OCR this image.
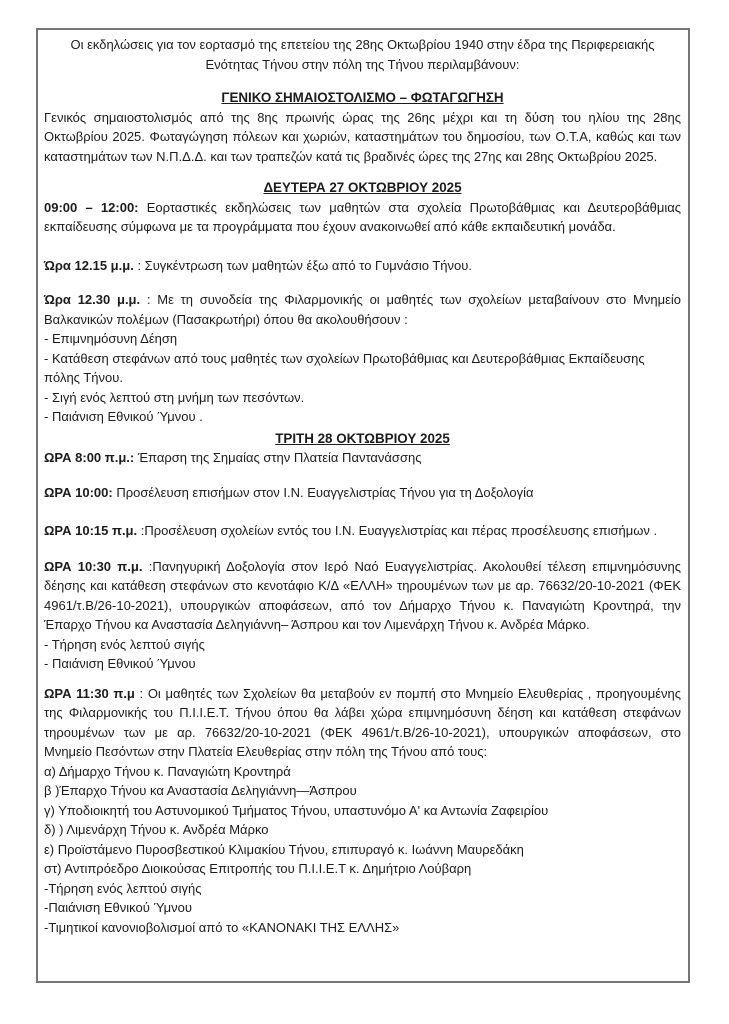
Οι εκδηλώσεις για τον εορτασμό της επετείου της 28ης Οκτωβρίου 1940 στην έδρα της Περιφερειακής Ενότητας Τήνου στην πόλη της Τήνου περιλαμβάνουν:

ΓΕΝΙΚΟ ΣΗΜΑΙΟΣΤΟΛΙΣΜΟ – ΦΩΤΑΓΩΓΗΣΗ

Γενικός σημαιοστολισμός από της 8ης πρωινής ώρας της 26ης μέχρι και τη δύση του ηλίου της 28ης Οκτωβρίου 2025. Φωταγώγηση πόλεων και χωριών, καταστημάτων του δημοσίου, των Ο.Τ.Α, καθώς και των καταστημάτων των Ν.Π.Δ.Δ. και των τραπεζών κατά τις βραδινές ώρες της 27ης και 28ης Οκτωβρίου 2025.

ΔΕΥΤΕΡΑ 27 ΟΚΤΩΒΡΙΟΥ 2025

09:00 – 12:00: Εορταστικές εκδηλώσεις των μαθητών στα σχολεία Πρωτοβάθμιας και Δευτεροβάθμιας εκπαίδευσης σύμφωνα με τα προγράμματα που έχουν ανακοινωθεί από κάθε εκπαιδευτική μονάδα.

Ώρα 12.15 μ.μ. : Συγκέντρωση των μαθητών έξω από το Γυμνάσιο Τήνου.

Ώρα 12.30 μ.μ. : Με τη συνοδεία της Φιλαρμονικής οι μαθητές των σχολείων μεταβαίνουν στο Μνημείο Βαλκανικών πολέμων (Πασακρωτήρι) όπου θα ακολουθήσουν :

- Επιμνημόσυνη Δέηση

- Κατάθεση στεφάνων από τους μαθητές των σχολείων Πρωτοβάθμιας και Δευτεροβάθμιας Εκπαίδευσης πόλης Τήνου.

- Σιγή ενός λεπτού στη μνήμη των πεσόντων.

- Παιάνιση Εθνικού Ύμνου .

ΤΡΙΤΗ 28 ΟΚΤΩΒΡΙΟΥ 2025

ΩΡΑ 8:00 π.μ.: Έπαρση της Σημαίας στην Πλατεία Παντανάσσης

ΩΡΑ 10:00: Προσέλευση επισήμων στον Ι.Ν. Ευαγγελιστρίας Τήνου για τη Δοξολογία

ΩΡΑ 10:15 π.μ. :Προσέλευση σχολείων εντός του Ι.Ν. Ευαγγελιστρίας και πέρας προσέλευσης επισήμων .

ΩΡΑ 10:30 π.μ. :Πανηγυρική Δοξολογία στον Ιερό Ναό Ευαγγελιστρίας. Ακολουθεί τέλεση επιμνημόσυνης δέησης και κατάθεση στεφάνων στο κενοτάφιο Κ/Δ «ΕΛΛΗ» τηρουμένων των με αρ. 76632/20-10-2021 (ΦΕΚ 4961/τ.Β/26-10-2021), υπουργικών αποφάσεων, από τον Δήμαρχο Τήνου κ. Παναγιώτη Κροντηρά, την Έπαρχο Τήνου κα Αναστασία Δεληγιάννη– Άσπρου και τον Λιμενάρχη Τήνου κ. Ανδρέα Μάρκο.

- Τήρηση ενός λεπτού σιγής

- Παιάνιση Εθνικού Ύμνου

ΩΡΑ 11:30 π.μ : Οι μαθητές των Σχολείων θα μεταβούν εν πομπή στο Μνημείο Ελευθερίας , προηγουμένης της Φιλαρμονικής του Π.Ι.Ι.Ε.Τ. Τήνου όπου θα λάβει χώρα επιμνημόσυνη δέηση και κατάθεση στεφάνων τηρουμένων των με αρ. 76632/20-10-2021 (ΦΕΚ 4961/τ.Β/26-10-2021), υπουργικών αποφάσεων, στο Μνημείο Πεσόντων στην Πλατεία Ελευθερίας στην πόλη της Τήνου από τους:

α) Δήμαρχο Τήνου κ. Παναγιώτη Κροντηρά

β )Έπαρχο Τήνου κα Αναστασία Δεληγιάννη—Άσπρου

γ) Υποδιοικητή του Αστυνομικού Τμήματος Τήνου, υπαστυνόμο Α' κα Αντωνία Ζαφειρίου

δ) ) Λιμενάρχη Τήνου κ. Ανδρέα Μάρκο

ε) Προϊστάμενο Πυροσβεστικού Κλιμακίου Τήνου, επιπυραγό κ. Ιωάννη Μαυρεδάκη

στ) Αντιπρόεδρο Διοικούσας Επιτροπής του Π.Ι.Ι.Ε.Τ κ. Δημήτριο Λούβαρη

-Τήρηση ενός λεπτού σιγής

-Παιάνιση Εθνικού Ύμνου

-Τιμητικοί κανονιοβολισμοί από το «ΚΑΝΟΝΑΚΙ ΤΗΣ ΕΛΛΗΣ»
